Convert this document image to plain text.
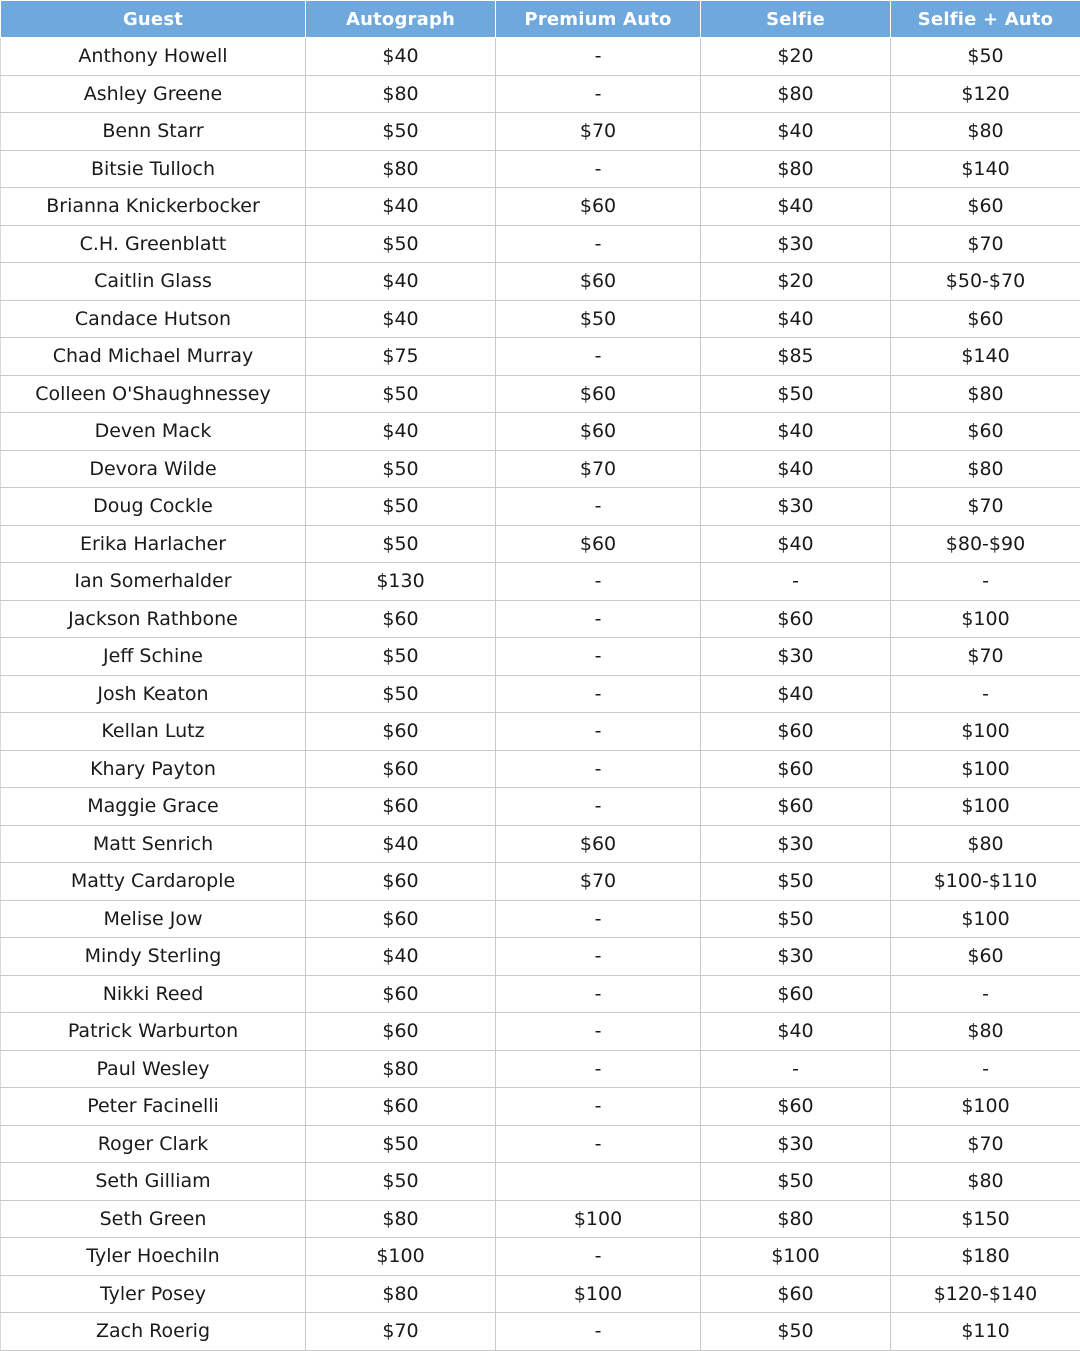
Guest	Autograph	Premium Auto	Selfie	Selfie + Auto
Anthony Howell	$40	-	$20	$50
Ashley Greene	$80	-	$80	$120
Benn Starr	$50	$70	$40	$80
Bitsie Tulloch	$80	-	$80	$140
Brianna Knickerbocker	$40	$60	$40	$60
C.H. Greenblatt	$50	-	$30	$70
Caitlin Glass	$40	$60	$20	$50-$70
Candace Hutson	$40	$50	$40	$60
Chad Michael Murray	$75	-	$85	$140
Colleen O'Shaughnessey	$50	$60	$50	$80
Deven Mack	$40	$60	$40	$60
Devora Wilde	$50	$70	$40	$80
Doug Cockle	$50	-	$30	$70
Erika Harlacher	$50	$60	$40	$80-$90
Ian Somerhalder	$130	-	-	-
Jackson Rathbone	$60	-	$60	$100
Jeff Schine	$50	-	$30	$70
Josh Keaton	$50	-	$40	-
Kellan Lutz	$60	-	$60	$100
Khary Payton	$60	-	$60	$100
Maggie Grace	$60	-	$60	$100
Matt Senrich	$40	$60	$30	$80
Matty Cardarople	$60	$70	$50	$100-$110
Melise Jow	$60	-	$50	$100
Mindy Sterling	$40	-	$30	$60
Nikki Reed	$60	-	$60	-
Patrick Warburton	$60	-	$40	$80
Paul Wesley	$80	-	-	-
Peter Facinelli	$60	-	$60	$100
Roger Clark	$50	-	$30	$70
Seth Gilliam	$50		$50	$80
Seth Green	$80	$100	$80	$150
Tyler Hoechiln	$100	-	$100	$180
Tyler Posey	$80	$100	$60	$120-$140
Zach Roerig	$70	-	$50	$110
